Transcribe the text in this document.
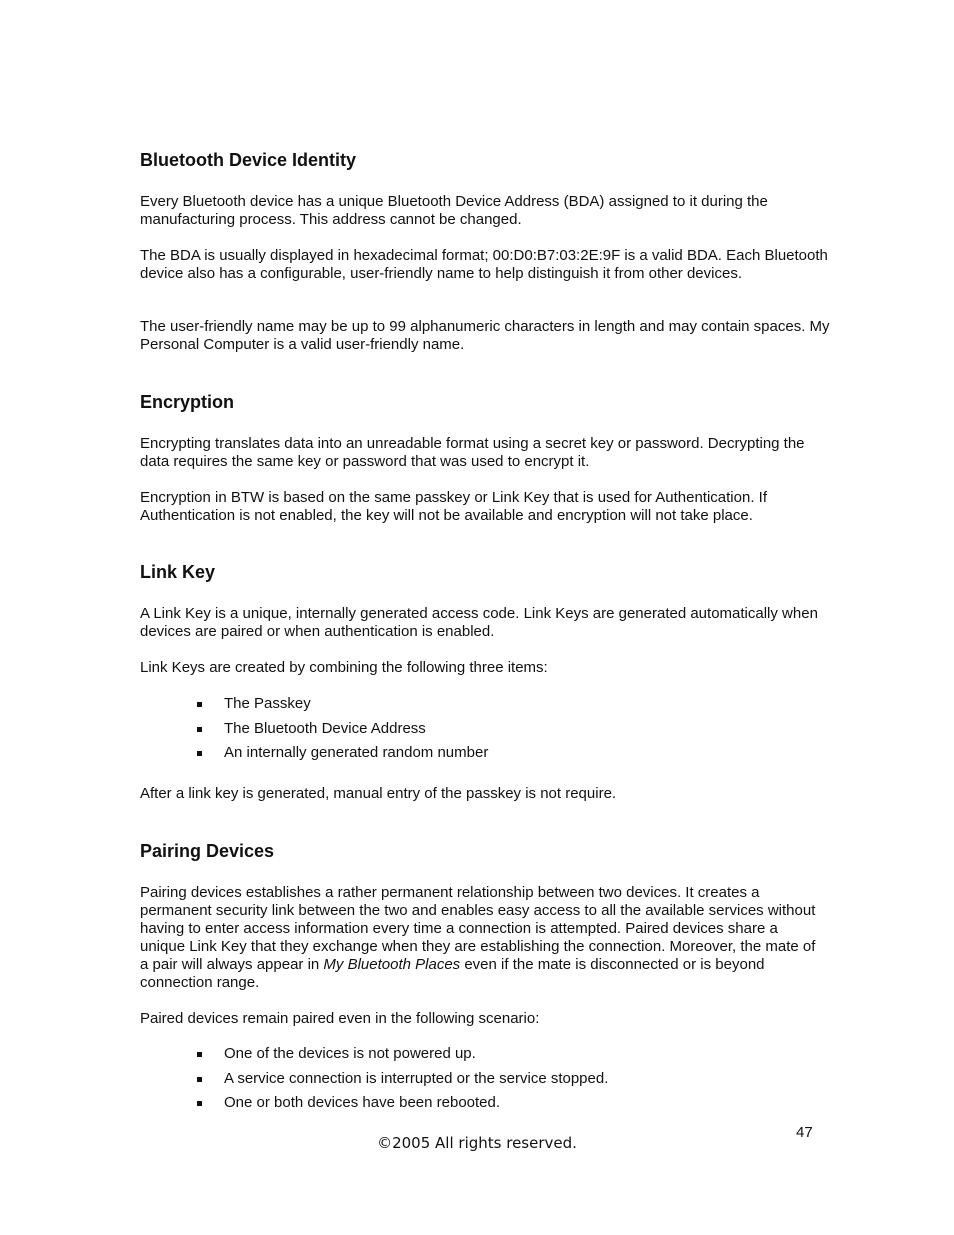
Bluetooth Device Identity

Every Bluetooth device has a unique Bluetooth Device Address (BDA) assigned to it during the manufacturing process. This address cannot be changed.

The BDA is usually displayed in hexadecimal format; 00:D0:B7:03:2E:9F is a valid BDA. Each Bluetooth device also has a configurable, user-friendly name to help distinguish it from other devices.

The user-friendly name may be up to 99 alphanumeric characters in length and may contain spaces. My Personal Computer is a valid user-friendly name.

Encryption

Encrypting translates data into an unreadable format using a secret key or password. Decrypting the data requires the same key or password that was used to encrypt it.

Encryption in BTW is based on the same passkey or Link Key that is used for Authentication. If Authentication is not enabled, the key will not be available and encryption will not take place.

Link Key

A Link Key is a unique, internally generated access code. Link Keys are generated automatically when devices are paired or when authentication is enabled.

Link Keys are created by combining the following three items:

The Passkey
The Bluetooth Device Address
An internally generated random number

After a link key is generated, manual entry of the passkey is not require.

Pairing Devices

Pairing devices establishes a rather permanent relationship between two devices. It creates a permanent security link between the two and enables easy access to all the available services without having to enter access information every time a connection is attempted. Paired devices share a unique Link Key that they exchange when they are establishing the connection. Moreover, the mate of a pair will always appear in My Bluetooth Places even if the mate is disconnected or is beyond connection range.

Paired devices remain paired even in the following scenario:

One of the devices is not powered up.
A service connection is interrupted or the service stopped.
One or both devices have been rebooted.
47
©2005 All rights reserved.
